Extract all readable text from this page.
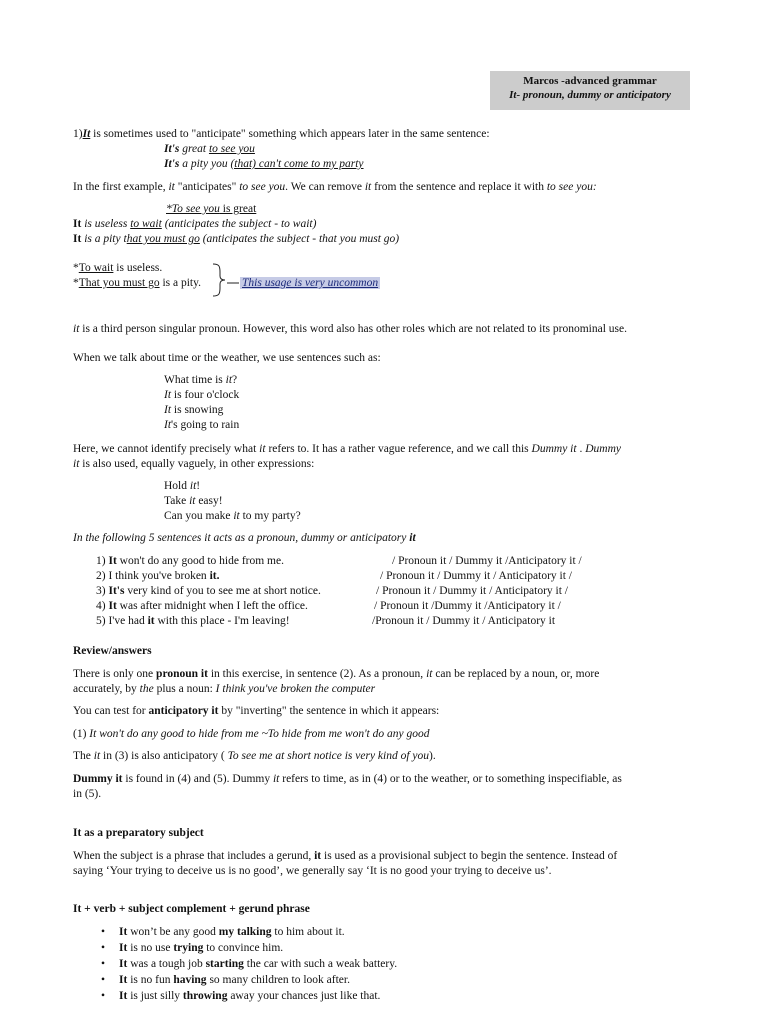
Marcos -advanced grammar
It- pronoun, dummy or anticipatory
1)It is sometimes used to "anticipate" something which appears later in the same sentence:
It's great to see you
It's a pity you (that) can't come to my party
In the first example, it "anticipates" to see you. We can remove it from the sentence and replace it with to see you:
*To see you is great
It is useless to wait (anticipates the subject - to wait)
It is a pity that you must go (anticipates the subject - that you must go)
*To wait is useless.
*That you must go is a pity.	This usage is very uncommon
it is a third person singular pronoun. However, this word also has other roles which are not related to its pronominal use.
When we talk about time or the weather, we use sentences such as:
What time is it?
It is four o'clock
It is snowing
It's going to rain
Here, we cannot identify precisely what it refers to. It has a rather vague reference, and we call this Dummy it . Dummy
it is also used, equally vaguely, in other expressions:
Hold it!
Take it easy!
Can you make it to my party?
In the following 5 sentences it acts as a pronoun, dummy or anticipatory it
1) It won't do any good to hide from me.	/ Pronoun it / Dummy it /Anticipatory it /
2) I think you've broken it.	/ Pronoun it / Dummy it / Anticipatory it /
3) It's very kind of you to see me at short notice.	/ Pronoun it / Dummy it / Anticipatory it /
4) It was after midnight when I left the office.	/ Pronoun it /Dummy it /Anticipatory it /
5) I've had it with this place - I'm leaving!	/Pronoun it / Dummy it / Anticipatory it
Review/answers
There is only one pronoun it in this exercise, in sentence (2). As a pronoun, it can be replaced by a noun, or, more
accurately, by the plus a noun: I think you've broken the computer
You can test for anticipatory it by "inverting" the sentence in which it appears:
(1) It won't do any good to hide from me ~To hide from me won't do any good
The it in (3) is also anticipatory ( To see me at short notice is very kind of you).
Dummy it is found in (4) and (5). Dummy it refers to time, as in (4) or to the weather, or to something inspecifiable, as
in (5).
It as a preparatory subject
When the subject is a phrase that includes a gerund, it is used as a provisional subject to begin the sentence. Instead of
saying ‘Your trying to deceive us is no good’, we generally say ‘It is no good your trying to deceive us’.
It + verb + subject complement + gerund phrase
• It won’t be any good my talking to him about it.
• It is no use trying to convince him.
• It was a tough job starting the car with such a weak battery.
• It is no fun having so many children to look after.
• It is just silly throwing away your chances just like that.
